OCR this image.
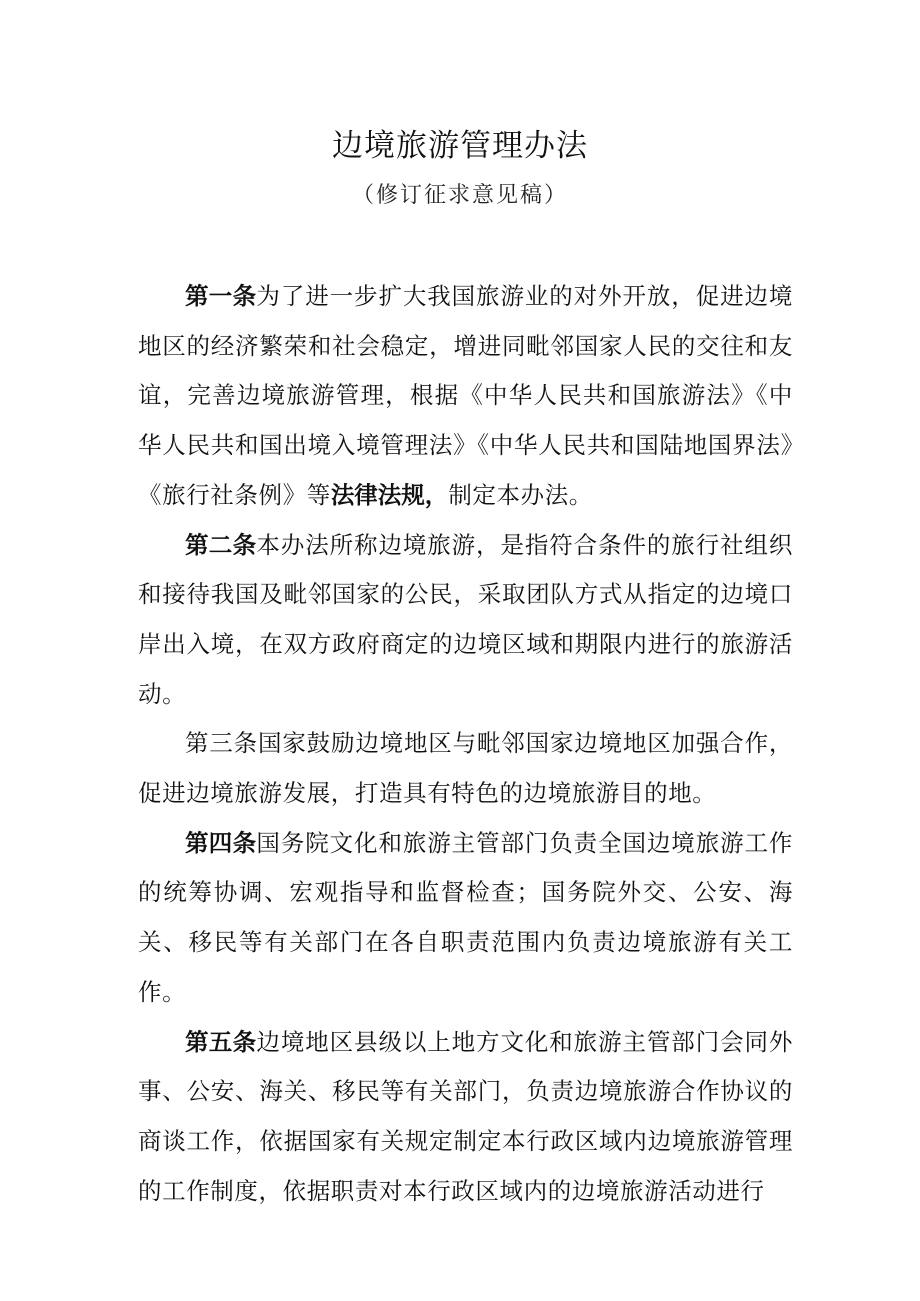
边境旅游管理办法
（修订征求意见稿）

第一条为了进一步扩大我国旅游业的对外开放，促进边境地区的经济繁荣和社会稳定，增进同毗邻国家人民的交往和友谊，完善边境旅游管理，根据《中华人民共和国旅游法》《中华人民共和国出境入境管理法》《中华人民共和国陆地国界法》《旅行社条例》等法律法规，制定本办法。

第二条本办法所称边境旅游，是指符合条件的旅行社组织和接待我国及毗邻国家的公民，采取团队方式从指定的边境口岸出入境，在双方政府商定的边境区域和期限内进行的旅游活动。

第三条国家鼓励边境地区与毗邻国家边境地区加强合作，促进边境旅游发展，打造具有特色的边境旅游目的地。

第四条国务院文化和旅游主管部门负责全国边境旅游工作的统筹协调、宏观指导和监督检查；国务院外交、公安、海关、移民等有关部门在各自职责范围内负责边境旅游有关工作。

第五条边境地区县级以上地方文化和旅游主管部门会同外事、公安、海关、移民等有关部门，负责边境旅游合作协议的商谈工作，依据国家有关规定制定本行政区域内边境旅游管理的工作制度，依据职责对本行政区域内的边境旅游活动进行
